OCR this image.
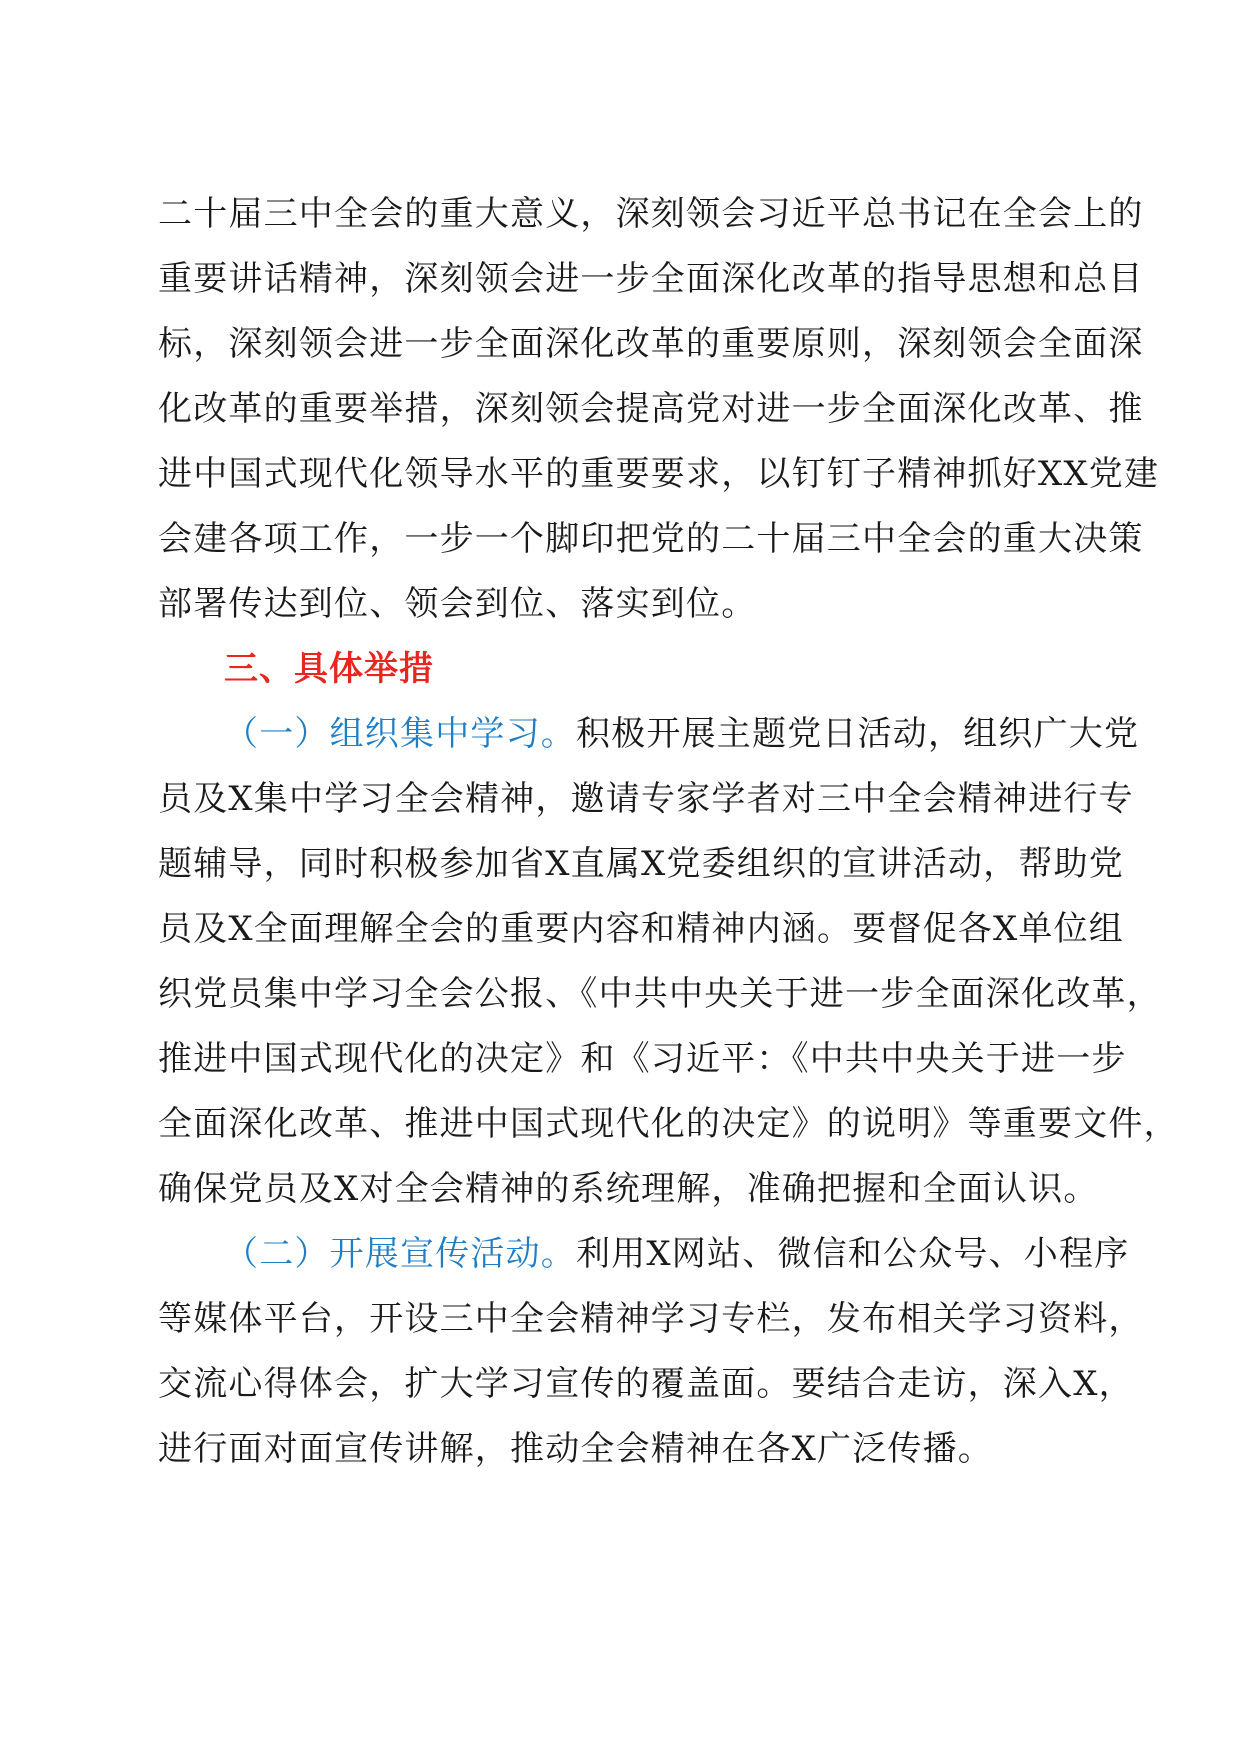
二十届三中全会的重大意义，深刻领会习近平总书记在全会上的
重要讲话精神，深刻领会进一步全面深化改革的指导思想和总目
标，深刻领会进一步全面深化改革的重要原则，深刻领会全面深
化改革的重要举措，深刻领会提高党对进一步全面深化改革、推
进中国式现代化领导水平的重要要求，以钉钉子精神抓好XX党建
会建各项工作，一步一个脚印把党的二十届三中全会的重大决策
部署传达到位、领会到位、落实到位。
三、具体举措
（一）组织集中学习。积极开展主题党日活动，组织广大党
员及X集中学习全会精神，邀请专家学者对三中全会精神进行专
题辅导，同时积极参加省X直属X党委组织的宣讲活动，帮助党
员及X全面理解全会的重要内容和精神内涵。要督促各X单位组
织党员集中学习全会公报、《中共中央关于进一步全面深化改革，
推进中国式现代化的决定》和《习近平：《中共中央关于进一步
全面深化改革、推进中国式现代化的决定》的说明》等重要文件，
确保党员及X对全会精神的系统理解，准确把握和全面认识。
（二）开展宣传活动。利用X网站、微信和公众号、小程序
等媒体平台，开设三中全会精神学习专栏，发布相关学习资料，
交流心得体会，扩大学习宣传的覆盖面。要结合走访，深入X，
进行面对面宣传讲解，推动全会精神在各X广泛传播。
